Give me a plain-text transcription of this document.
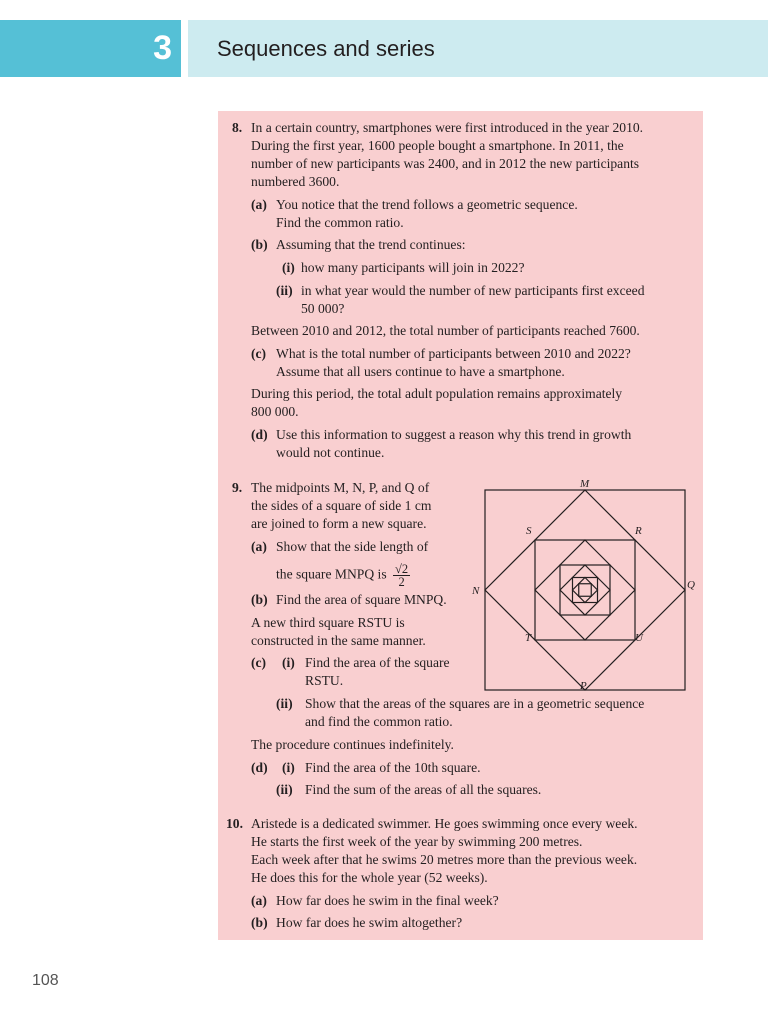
3	Sequences and series
8. In a certain country, smartphones were first introduced in the year 2010.
During the first year, 1600 people bought a smartphone. In 2011, the
number of new participants was 2400, and in 2012 the new participants
numbered 3600.
(a) You notice that the trend follows a geometric sequence.
Find the common ratio.
(b) Assuming that the trend continues:
(i) how many participants will join in 2022?
(ii) in what year would the number of new participants first exceed
50 000?
Between 2010 and 2012, the total number of participants reached 7600.
(c) What is the total number of participants between 2010 and 2022?
Assume that all users continue to have a smartphone.
During this period, the total adult population remains approximately
800 000.
(d) Use this information to suggest a reason why this trend in growth
would not continue.
9. The midpoints M, N, P, and Q of
the sides of a square of side 1 cm
are joined to form a new square.
(a) Show that the side length of
the square MNPQ is $\frac{√2}{2}$
(b) Find the area of square MNPQ.
A new third square RSTU is
constructed in the same manner.
(c) (i) Find the area of the square
RSTU.
(ii) Show that the areas of the squares are in a geometric sequence
and find the common ratio.
The procedure continues indefinitely.
(d) (i) Find the area of the 10th square.
(ii) Find the sum of the areas of all the squares.
M
N
P
Q
R
S
T	U
10. Aristede is a dedicated swimmer. He goes swimming once every week.
He starts the first week of the year by swimming 200 metres.
Each week after that he swims 20 metres more than the previous week.
He does this for the whole year (52 weeks).
(a) How far does he swim in the final week?
(b) How far does he swim altogether?
108
